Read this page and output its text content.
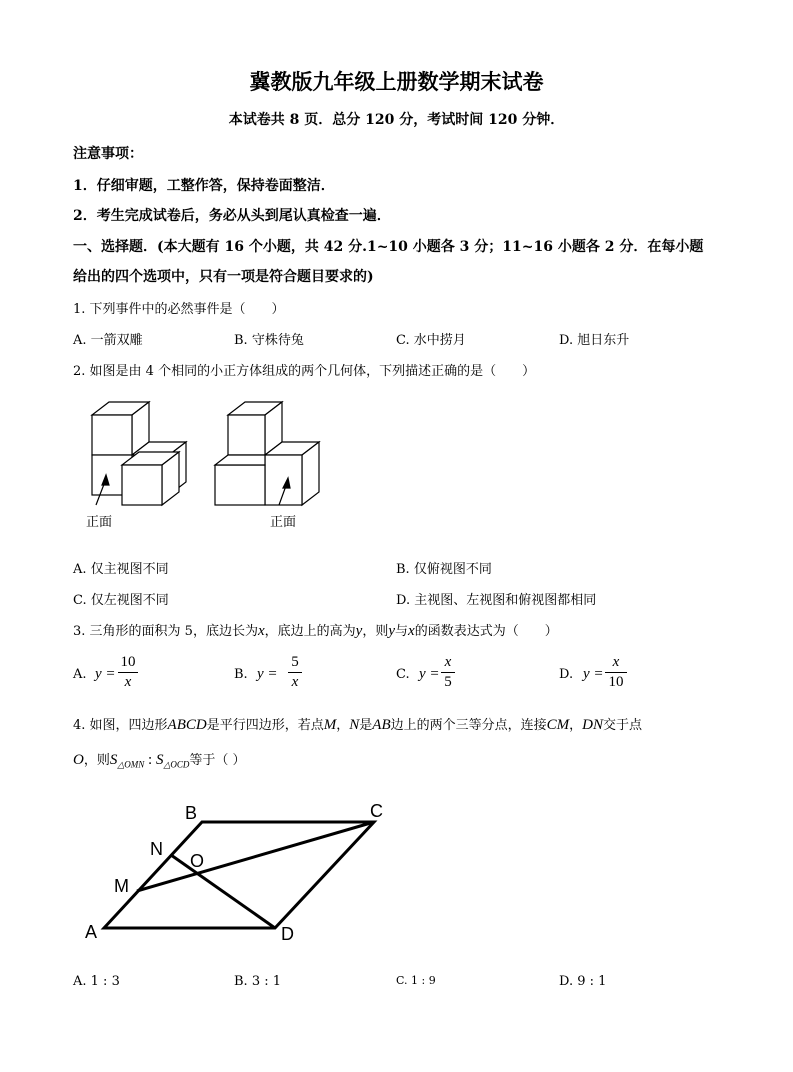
冀教版九年级上册数学期末试卷
本试卷共 8 页．总分 120 分，考试时间 120 分钟．
注意事项：
1．仔细审题，工整作答，保持卷面整洁．
2．考生完成试卷后，务必从头到尾认真检查一遍．
一、选择题．(本大题有 16 个小题，共 42 分.1~10 小题各 3 分；11~16 小题各 2 分．在每小题
给出的四个选项中，只有一项是符合题目要求的)
1. 下列事件中的必然事件是（　　）
A. 一箭双雕	B. 守株待兔	C. 水中捞月	D. 旭日东升
2. 如图是由 4 个相同的小正方体组成的两个几何体，下列描述正确的是（　　）
正面	正面
A. 仅主视图不同	B. 仅俯视图不同
C. 仅左视图不同	D. 主视图、左视图和俯视图都相同
3. 三角形的面积为 5，底边长为x，底边上的高为y，则y与x的函数表达式为（　　）
A. y =
10
x	B. y =
5
x	C. y =
x
5	D. y =
x
10
4. 如图，四边形ABCD是平行四边形，若点M，N是AB边上的两个三等分点，连接CM，DN交于点
O，则$S_{\triangle OMN}$ : $S_{\triangle OCD}$等于（ ）
A
B	C
D
M
N
O
A. 1 : 3	B. 3 : 1	C. 1 : 9	D. 9 : 1
